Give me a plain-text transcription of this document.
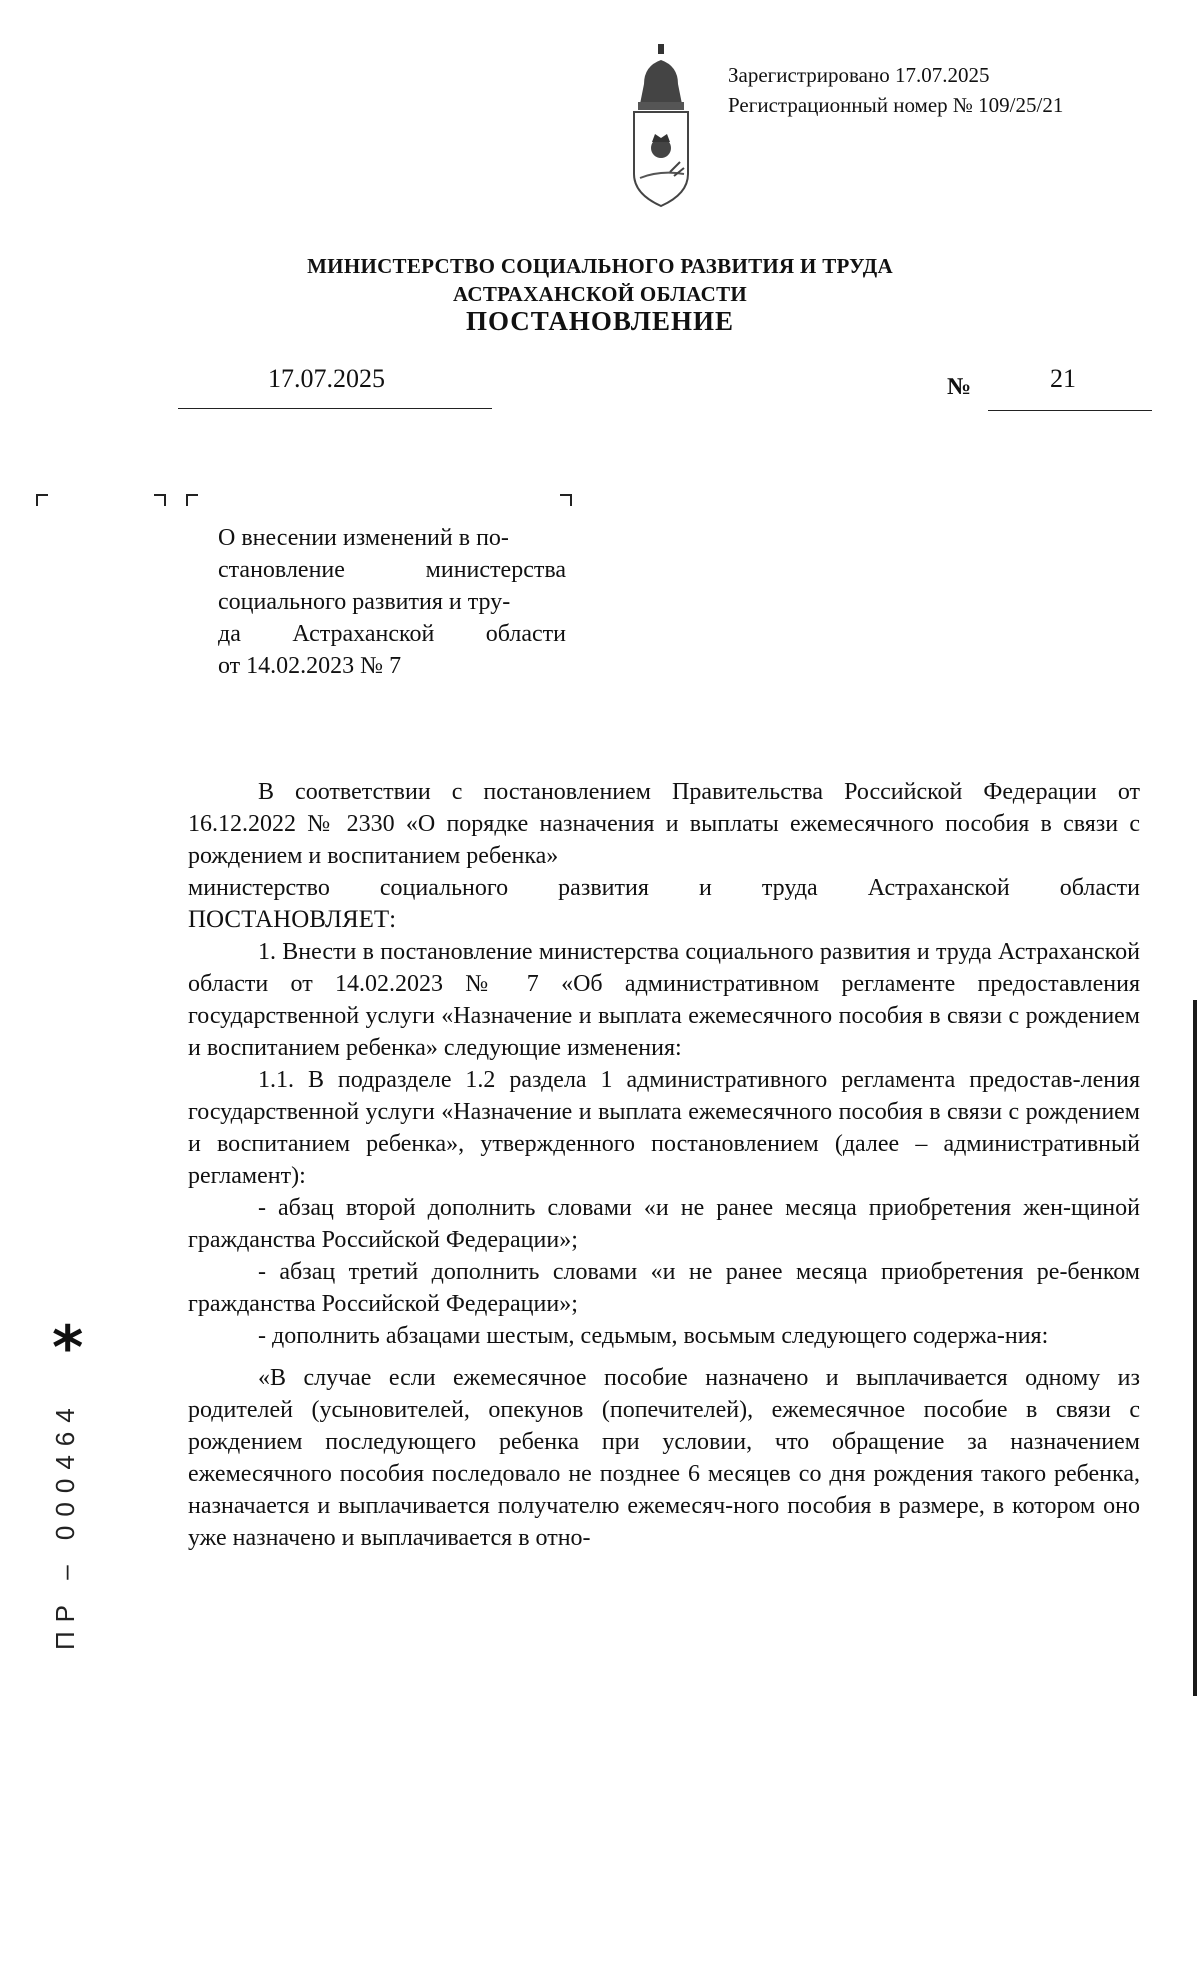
Зарегистрировано 17.07.2025
Регистрационный номер № 109/25/21
МИНИСТЕРСТВО СОЦИАЛЬНОГО РАЗВИТИЯ И ТРУДА
АСТРАХАНСКОЙ ОБЛАСТИ
ПОСТАНОВЛЕНИЕ
17.07.2025	№	21
О внесении изменений в по-
становление министерства
социального развития и тру-
да Астраханской области
от 14.02.2023 № 7

В соответствии с постановлением Правительства Российской Федерации от 16.12.2022 № 2330 «О порядке назначения и выплаты ежемесячного пособия в связи с рождением и воспитанием ребенка»

министерство социального развития и труда Астраханской области

ПОСТАНОВЛЯЕТ:

1. Внести в постановление министерства социального развития и труда Астраханской области от 14.02.2023 № 7 «Об административном регламенте предоставления государственной услуги «Назначение и выплата ежемесячного пособия в связи с рождением и воспитанием ребенка» следующие изменения:

1.1. В подразделе 1.2 раздела 1 административного регламента предостав-ления государственной услуги «Назначение и выплата ежемесячного пособия в связи с рождением и воспитанием ребенка», утвержденного постановлением (далее – административный регламент):

- абзац второй дополнить словами «и не ранее месяца приобретения жен-щиной гражданства Российской Федерации»;

- абзац третий дополнить словами «и не ранее месяца приобретения ре-бенком гражданства Российской Федерации»;

- дополнить абзацами шестым, седьмым, восьмым следующего содержа-ния:

«В случае если ежемесячное пособие назначено и выплачивается одному из родителей (усыновителей, опекунов (попечителей), ежемесячное пособие в связи с рождением последующего ребенка при условии, что обращение за назначением ежемесячного пособия последовало не позднее 6 месяцев со дня рождения такого ребенка, назначается и выплачивается получателю ежемесяч-ного пособия в размере, в котором оно уже назначено и выплачивается в отно-

*
ПР – 000464
